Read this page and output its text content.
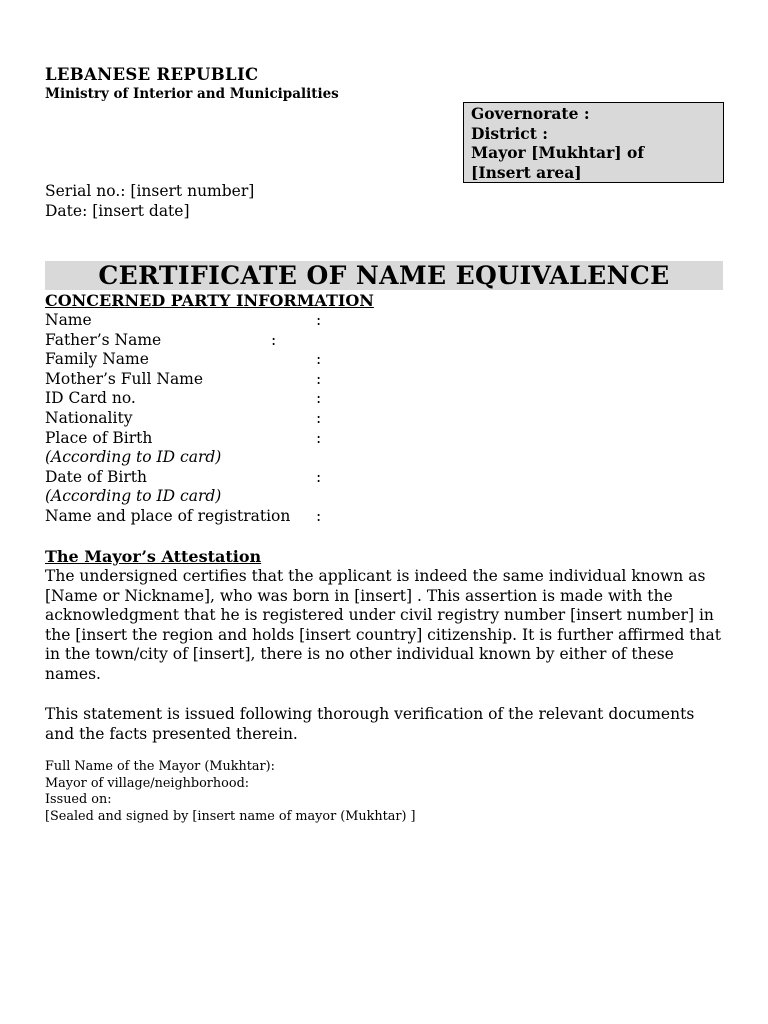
LEBANESE REPUBLIC
Ministry of Interior and Municipalities
Governorate :
District :
Mayor [Mukhtar] of
[Insert area]
Serial no.: [insert number]
Date: [insert date]
CERTIFICATE OF NAME EQUIVALENCE
CONCERNED PARTY INFORMATION
Name	:
Father’s Name	:
Family Name	:
Mother’s Full Name	:
ID Card no.	:
Nationality	:
Place of Birth	:
(According to ID card)
Date of Birth	:
(According to ID card)
Name and place of registration :
The Mayor’s Attestation
The undersigned certifies that the applicant is indeed the same individual known as [Name or Nickname], who was born in [insert] . This assertion is made with the acknowledgment that he is registered under civil registry number [insert number] in the [insert the region and holds [insert country] citizenship. It is further affirmed that in the town/city of [insert], there is no other individual known by either of these names.
This statement is issued following thorough verification of the relevant documents and the facts presented therein.
Full Name of the Mayor (Mukhtar):
Mayor of village/neighborhood:
Issued on:
[Sealed and signed by [insert name of mayor (Mukhtar) ]
